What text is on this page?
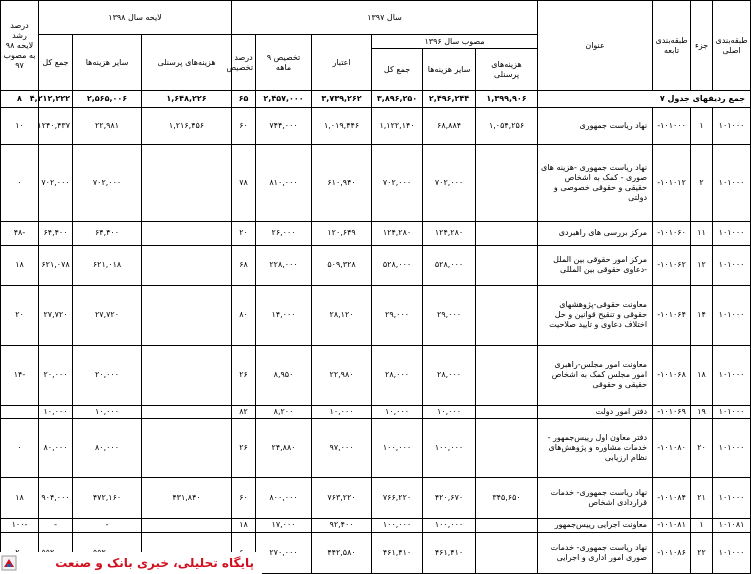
طبقه‌بندی اصلی	جزء	طبقه‌بندی تابعه	عنوان	سال ۱۳۹۷						لایحه سال ۱۳۹۸			درصد رشد لایحه ۹۸ به مصوب ۹۷
				مصوب سال ۱۳۹۶			اعتبار	تخصیص ۹ ماهه	درصد تخصیص	هزینه‌های پرسنلی	سایر هزینه‌ها	جمع کل	
				هزینه‌های پرسنلی	سایر هزینه‌ها	جمع کل							
جمع ردیفهای جدول ۷				۱,۳۹۹,۹۰۶	۲,۴۹۶,۲۴۴	۳,۸۹۶,۲۵۰	۳,۷۳۹,۲۶۲	۲,۴۵۷,۰۰۰	۶۵	۱,۶۴۸,۲۲۶	۲,۵۶۵,۰۰۶	۴,۲۱۲,۲۲۲	۸
۱۰۱۰۰۰	۱	۱۰۱۰۰۰-	نهاد ریاست جمهوری	۱,۰۵۴,۲۵۶	۶۸,۸۸۴	۱,۱۲۲,۱۴۰	۱,۰۱۹,۴۴۶	۷۴۴,۰۰۰	۶۰	۱,۲۱۶,۴۵۶	۲۲,۹۸۱	۱۲۴۰,۴۳۷	۱۰
۱۰۱۰۰۰	۲	۱۰۱۰۱۲-	نهاد ریاست جمهوری -هزینه های صوری - کمک به اشخاص حقیقی و حقوقی خصوصی و دولتی		۷۰۲,۰۰۰	۷۰۲,۰۰۰	۶۱۰,۹۴۰	۸۱۰,۰۰۰	۷۸		۷۰۲,۰۰۰	۷۰۲,۰۰۰	۰
۱۰۱۰۰۰	۱۱	۱۰۱۰۶۰-	مرکز بررسی های راهبردی		۱۲۴,۲۸۰	۱۲۴,۲۸۰	۱۲۰,۶۴۹	۲۶,۰۰۰	۲۰		۶۴,۴۰۰	۶۴,۴۰۰	-۴۸
۱۰۱۰۰۰	۱۲	۱۰۱۰۶۲-	مرکز امور حقوقی بین الملل -دعاوی حقوقی بین المللی		۵۲۸,۰۰۰	۵۲۸,۰۰۰	۵۰۹,۳۲۸	۲۲۸,۰۰۰	۶۸		۶۲۱,۰۱۸	۶۲۱,۰۷۸	۱۸
۱۰۱۰۰۰	۱۴	۱۰۱۰۶۴-	معاونت حقوقی-پژوهشهای حقوقی و تنقیح قوانین و حل اختلاف دعاوی و تایید صلاحیت		۲۹,۰۰۰	۲۹,۰۰۰	۲۸,۱۲۰	۱۴,۰۰۰	۸۰		۲۷,۷۲۰	۲۷,۷۲۰	۲۰
۱۰۱۰۰۰	۱۸	۱۰۱۰۶۸-	معاونت امور مجلس-راهبری امور مجلس کمک به اشخاص حقیقی و حقوقی		۲۸,۰۰۰	۲۸,۰۰۰	۲۲,۹۸۰	۸,۹۵۰	۲۶		۲۰,۰۰۰	۲۰,۰۰۰	-۱۴
۱۰۱۰۰۰	۱۹	۱۰۱۰۶۹-	دفتر امور دولت		۱۰,۰۰۰	۱۰,۰۰۰	۱۰,۰۰۰	۸,۲۰۰	۸۲		۱۰,۰۰۰	۱۰,۰۰۰	
۱۰۱۰۰۰	۲۰	۱۰۱۰۸۰-	دفتر معاون اول رییس‌جمهور - خدمات مشاوره و پژوهش‌های نظام ارزیابی		۱۰۰,۰۰۰	۱۰۰,۰۰۰	۹۷,۰۰۰	۲۴,۸۸۰	۲۶		۸۰,۰۰۰	۸۰,۰۰۰	۰
۱۰۱۰۰۰	۲۱	۱۰۱۰۸۴-	نهاد ریاست جمهوری- خدمات قراردادی اشخاص	۳۴۵,۶۵۰	۴۲۰,۶۷۰	۷۶۶,۲۲۰	۷۶۳,۲۲۰	۸۰۰,۰۰۰	۶۰	۴۳۱,۸۴۰	۴۷۲,۱۶۰	۹۰۴,۰۰۰	۱۸
۱۰۱۰۸۱	۱	۱۰۱۰۸۱-	معاونت اجرایی رییس‌جمهور		۱۰۰,۰۰۰	۱۰۰,۰۰۰	۹۲,۴۰۰	۱۷,۰۰۰	۱۸		-	-	-۱۰۰
۱۰۱۰۰۰	۲۲	۱۰۱۰۸۶-	نهاد ریاست جمهوری- خدمات صوری امور اداری و اجرایی		۴۶۱,۴۱۰	۴۶۱,۴۱۰	۴۴۲,۵۸۰	۲۷۰,۰۰۰					
پایگاه تحلیلی، خبری بانک و صنعت
